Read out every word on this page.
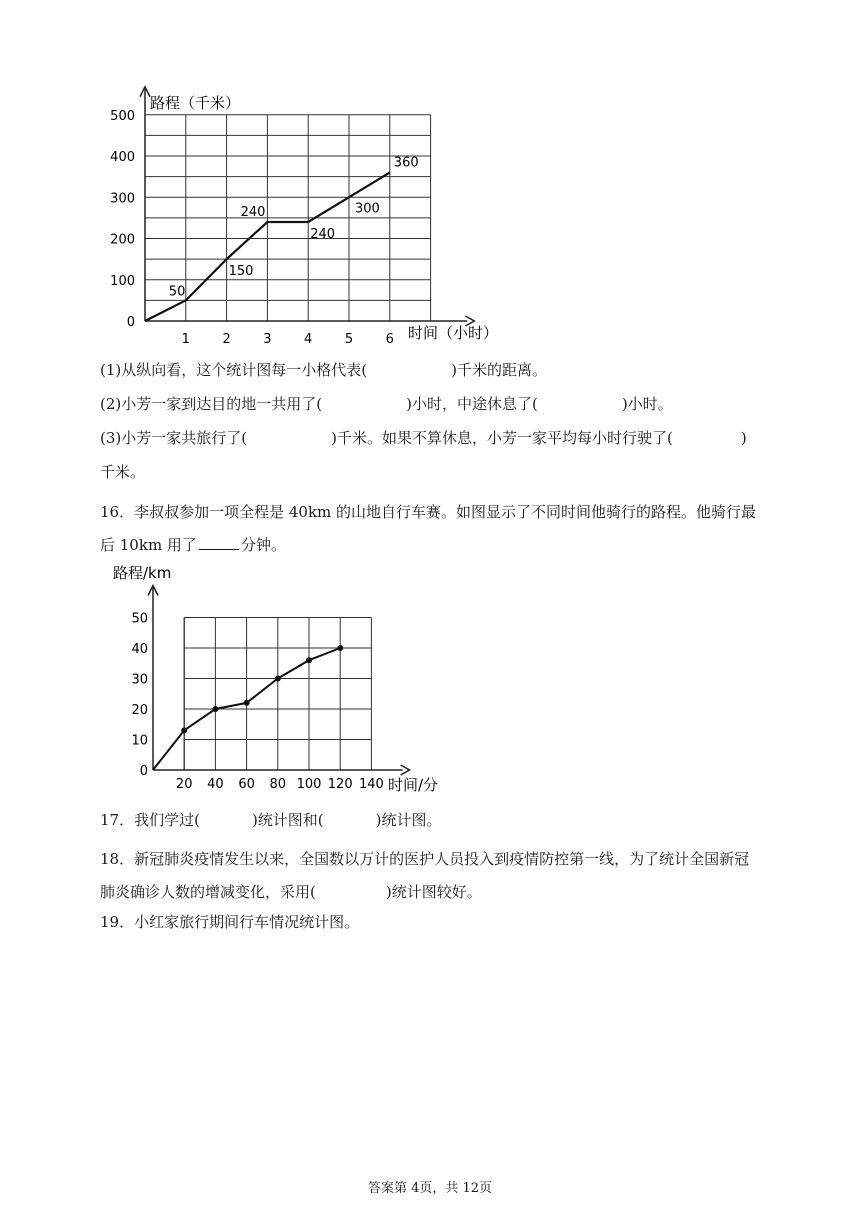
0
100
200
300
400
500
1	2	3	4	5	6
50
150
240
240
300
360
路程（千米）
时间（小时）
(1)从纵向看，这个统计图每一小格代表(	)千米的距离。
(2)小芳一家到达目的地一共用了(	)小时，中途休息了(	)小时。
(3)小芳一家共旅行了(	)千米。如果不算休息，小芳一家平均每小时行驶了(	)
千米。
16．李叔叔参加一项全程是 40km 的山地自行车赛。如图显示了不同时间他骑行的路程。他骑行最后 10km 用了	分钟。
0
10
20
30
40
50
20 40 60 80 100 120 140
路程/km
时间/分
17．我们学过(	)统计图和(	)统计图。
18．新冠肺炎疫情发生以来，全国数以万计的医护人员投入到疫情防控第一线，为了统计全国新冠肺炎确诊人数的增减变化，采用(	)统计图较好。
19．小红家旅行期间行车情况统计图。
答案第 4页，共 12页
